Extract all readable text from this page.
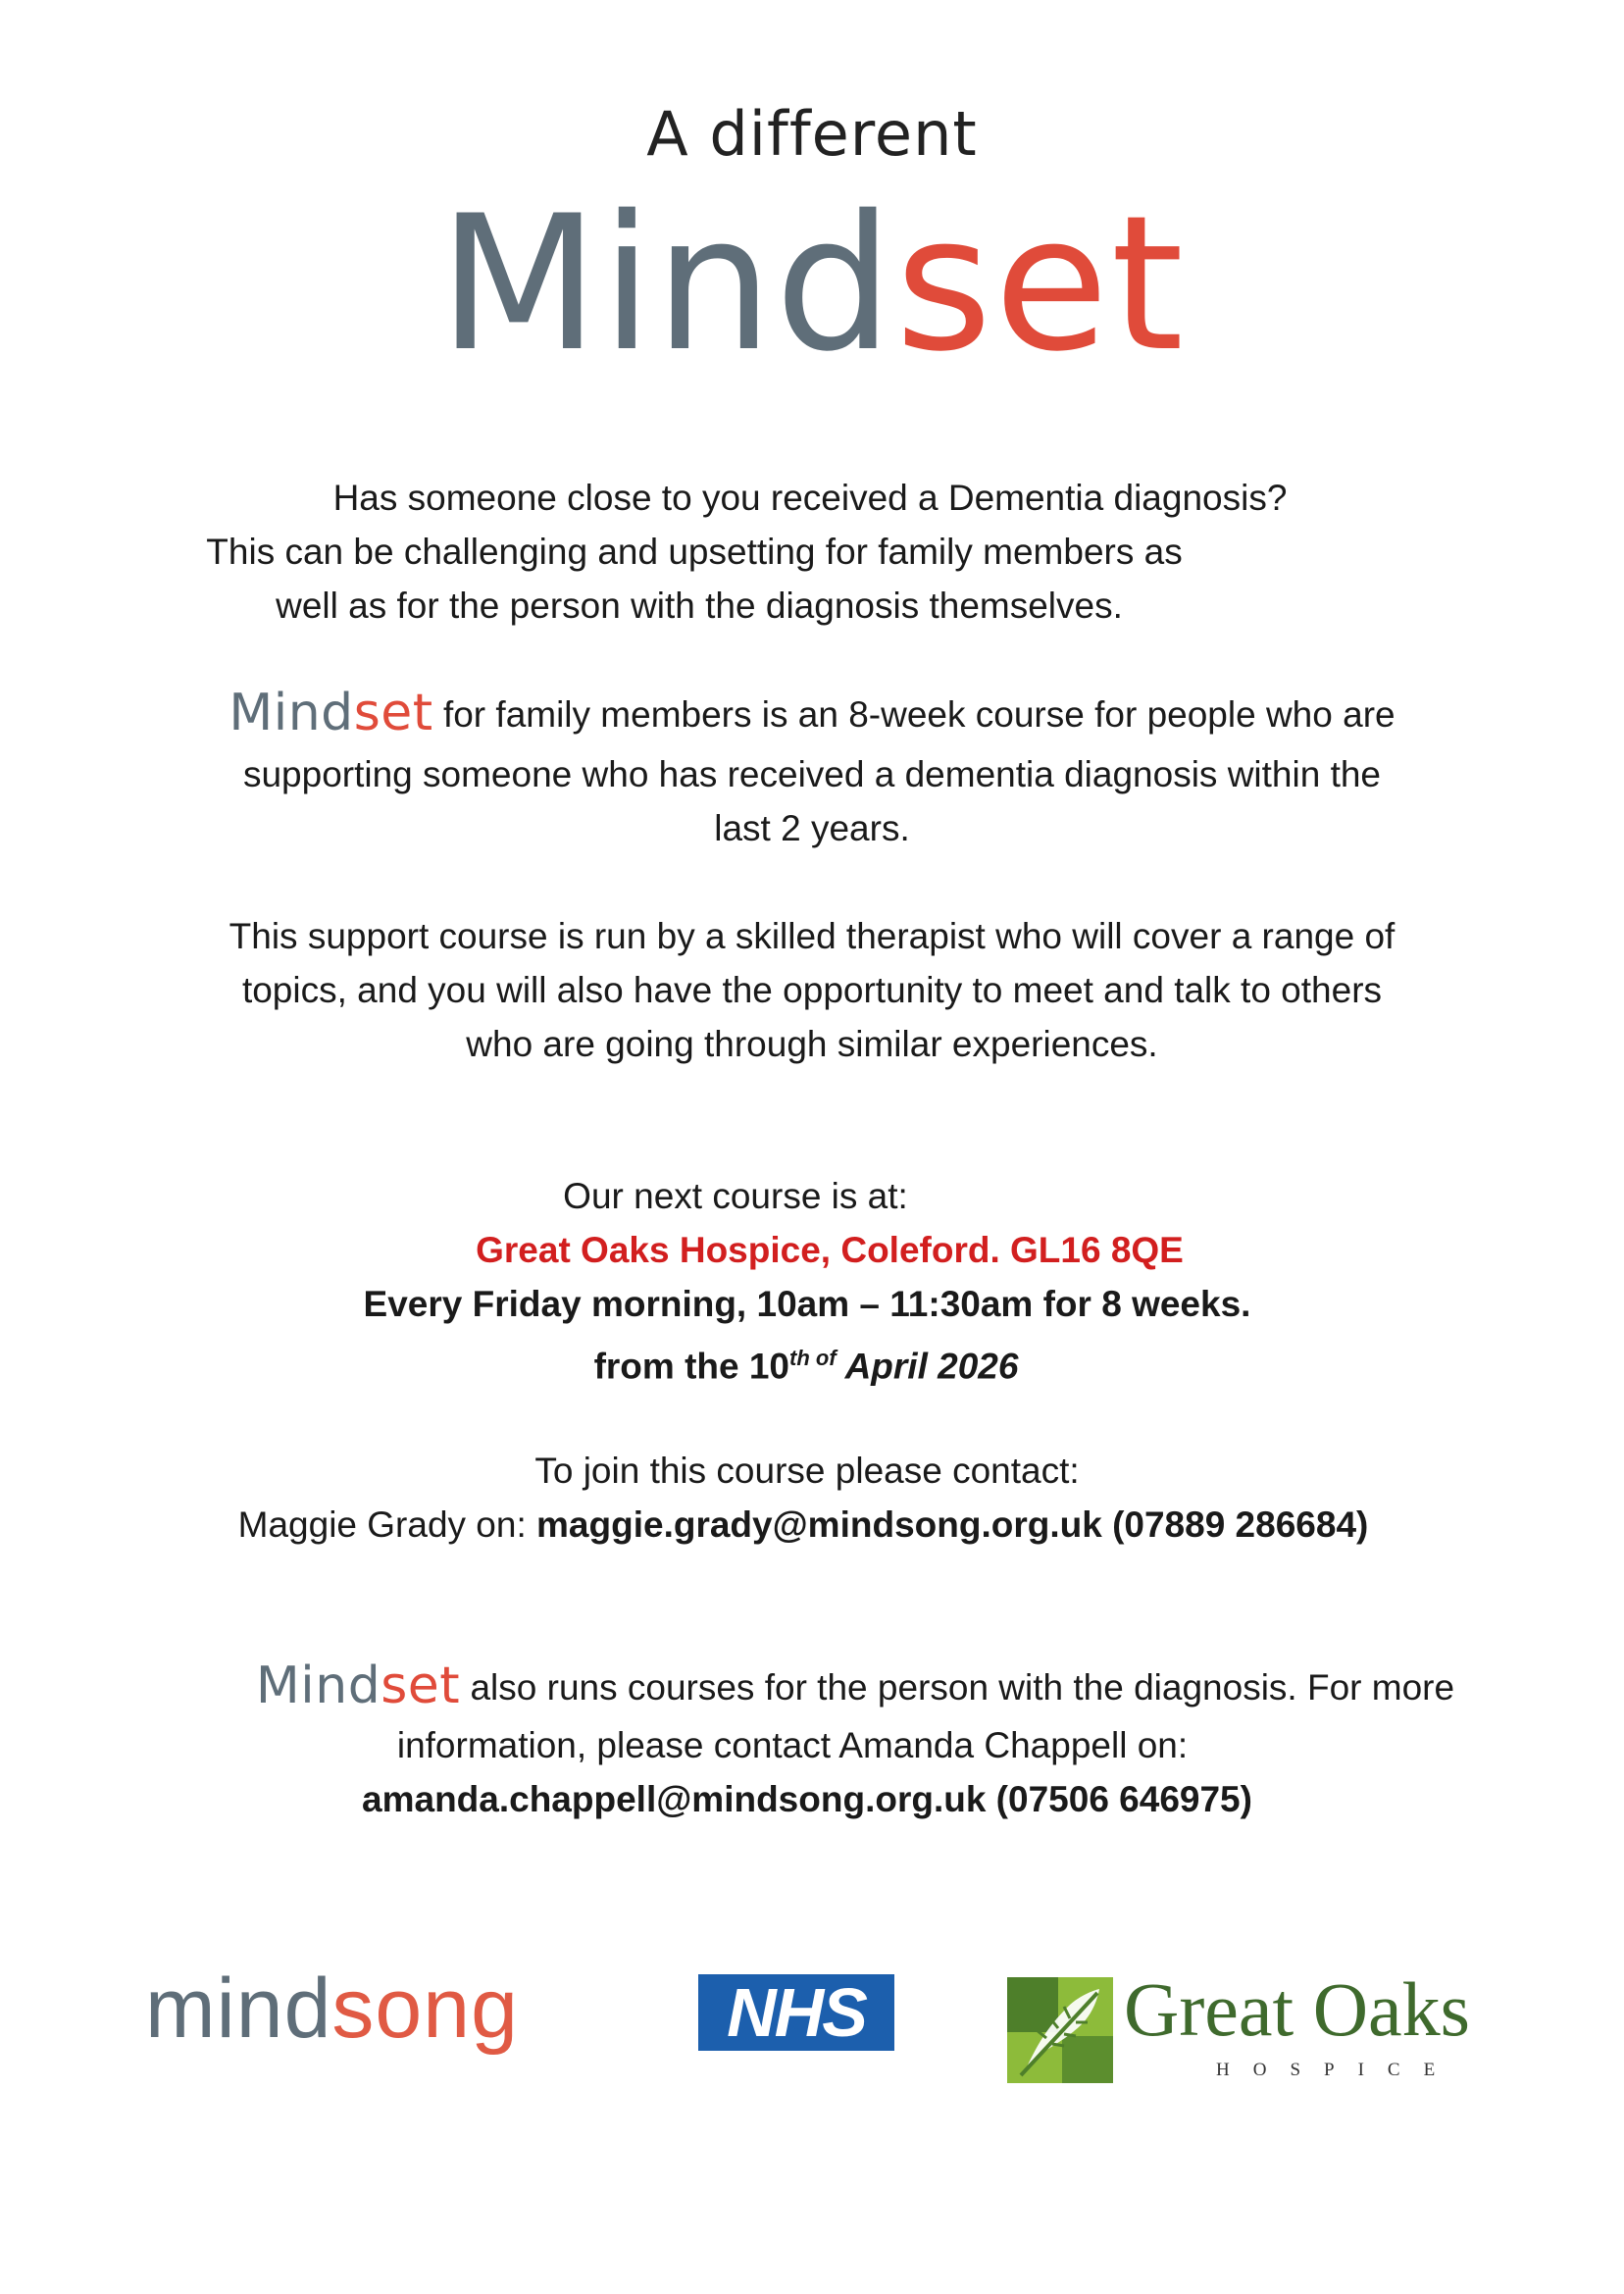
A different
Mindset
Has someone close to you received a Dementia diagnosis?
This can be challenging and upsetting for family members as
well as for the person with the diagnosis themselves.
Mindset for family members is an 8-week course for people who are
supporting someone who has received a dementia diagnosis within the
last 2 years.
This support course is run by a skilled therapist who will cover a range of
topics, and you will also have the opportunity to meet and talk to others
who are going through similar experiences.
Our next course is at:
Great Oaks Hospice, Coleford. GL16 8QE
Every Friday morning, 10am – 11:30am for 8 weeks.
from the $10^{th of}$ April 2026
To join this course please contact:
Maggie Grady on: maggie.grady@mindsong.org.uk (07889 286684)
Mindset also runs courses for the person with the diagnosis. For more
information, please contact Amanda Chappell on:
amanda.chappell@mindsong.org.uk (07506 646975)
mindsong	NHS	Great Oaks
HOSPICE
